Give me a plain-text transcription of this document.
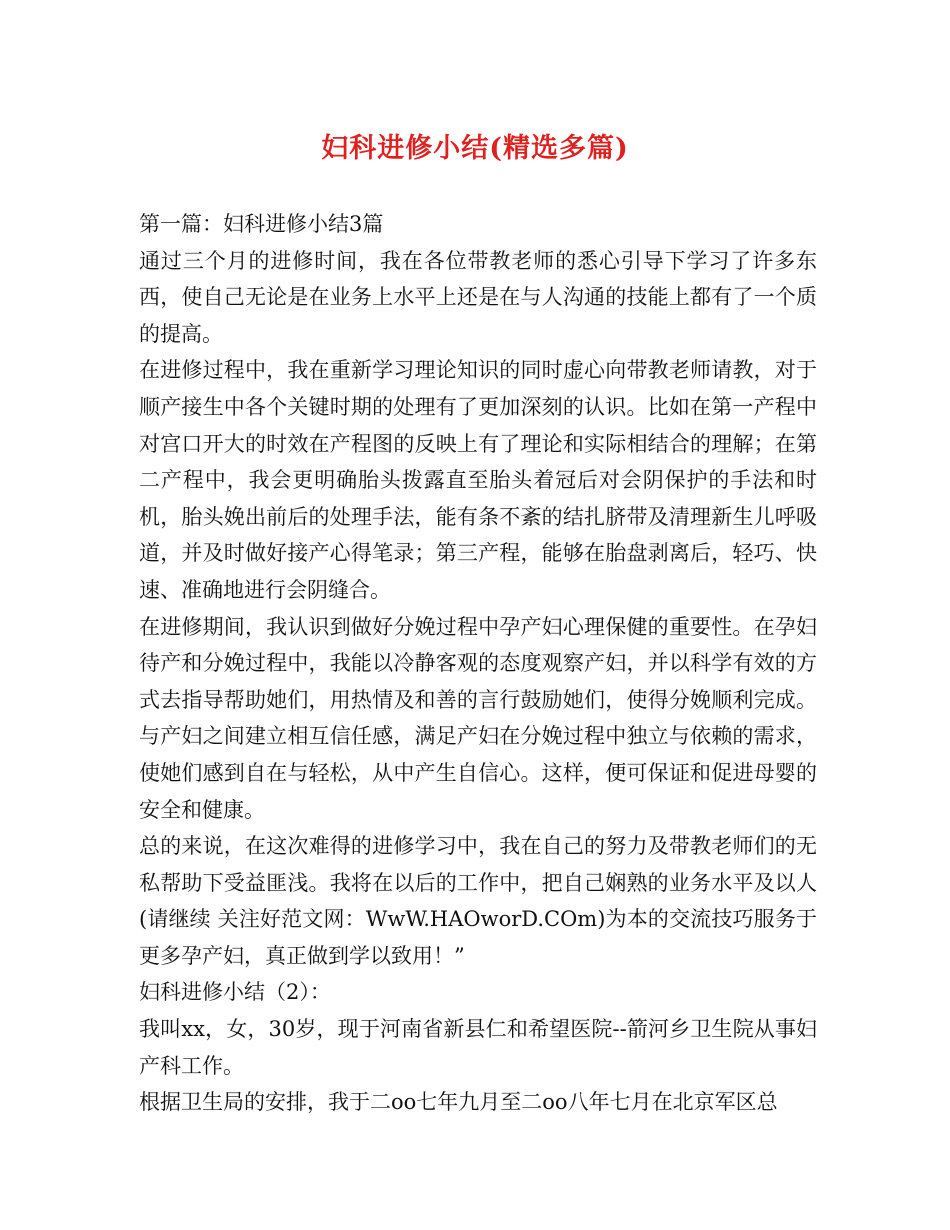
妇科进修小结(精选多篇)

第一篇：妇科进修小结3篇

通过三个月的进修时间，我在各位带教老师的悉心引导下学习了许多东西，使自己无论是在业务上水平上还是在与人沟通的技能上都有了一个质的提高。

在进修过程中，我在重新学习理论知识的同时虚心向带教老师请教，对于顺产接生中各个关键时期的处理有了更加深刻的认识。比如在第一产程中对宫口开大的时效在产程图的反映上有了理论和实际相结合的理解；在第二产程中，我会更明确胎头拨露直至胎头着冠后对会阴保护的手法和时机，胎头娩出前后的处理手法，能有条不紊的结扎脐带及清理新生儿呼吸道，并及时做好接产心得笔录；第三产程，能够在胎盘剥离后，轻巧、快速、准确地进行会阴缝合。

在进修期间，我认识到做好分娩过程中孕产妇心理保健的重要性。在孕妇待产和分娩过程中，我能以冷静客观的态度观察产妇，并以科学有效的方式去指导帮助她们，用热情及和善的言行鼓励她们，使得分娩顺利完成。与产妇之间建立相互信任感，满足产妇在分娩过程中独立与依赖的需求，使她们感到自在与轻松，从中产生自信心。这样，便可保证和促进母婴的安全和健康。

总的来说，在这次难得的进修学习中，我在自己的努力及带教老师们的无私帮助下受益匪浅。我将在以后的工作中，把自己娴熟的业务水平及以人(请继续 关注好范文网：WwW.HAOworD.COm)为本的交流技巧服务于更多孕产妇，真正做到学以致用！”

妇科进修小结（2）：

我叫xx，女，30岁，现于河南省新县仁和希望医院--箭河乡卫生院从事妇产科工作。

根据卫生局的安排，我于二oo七年九月至二oo八年七月在北京军区总
